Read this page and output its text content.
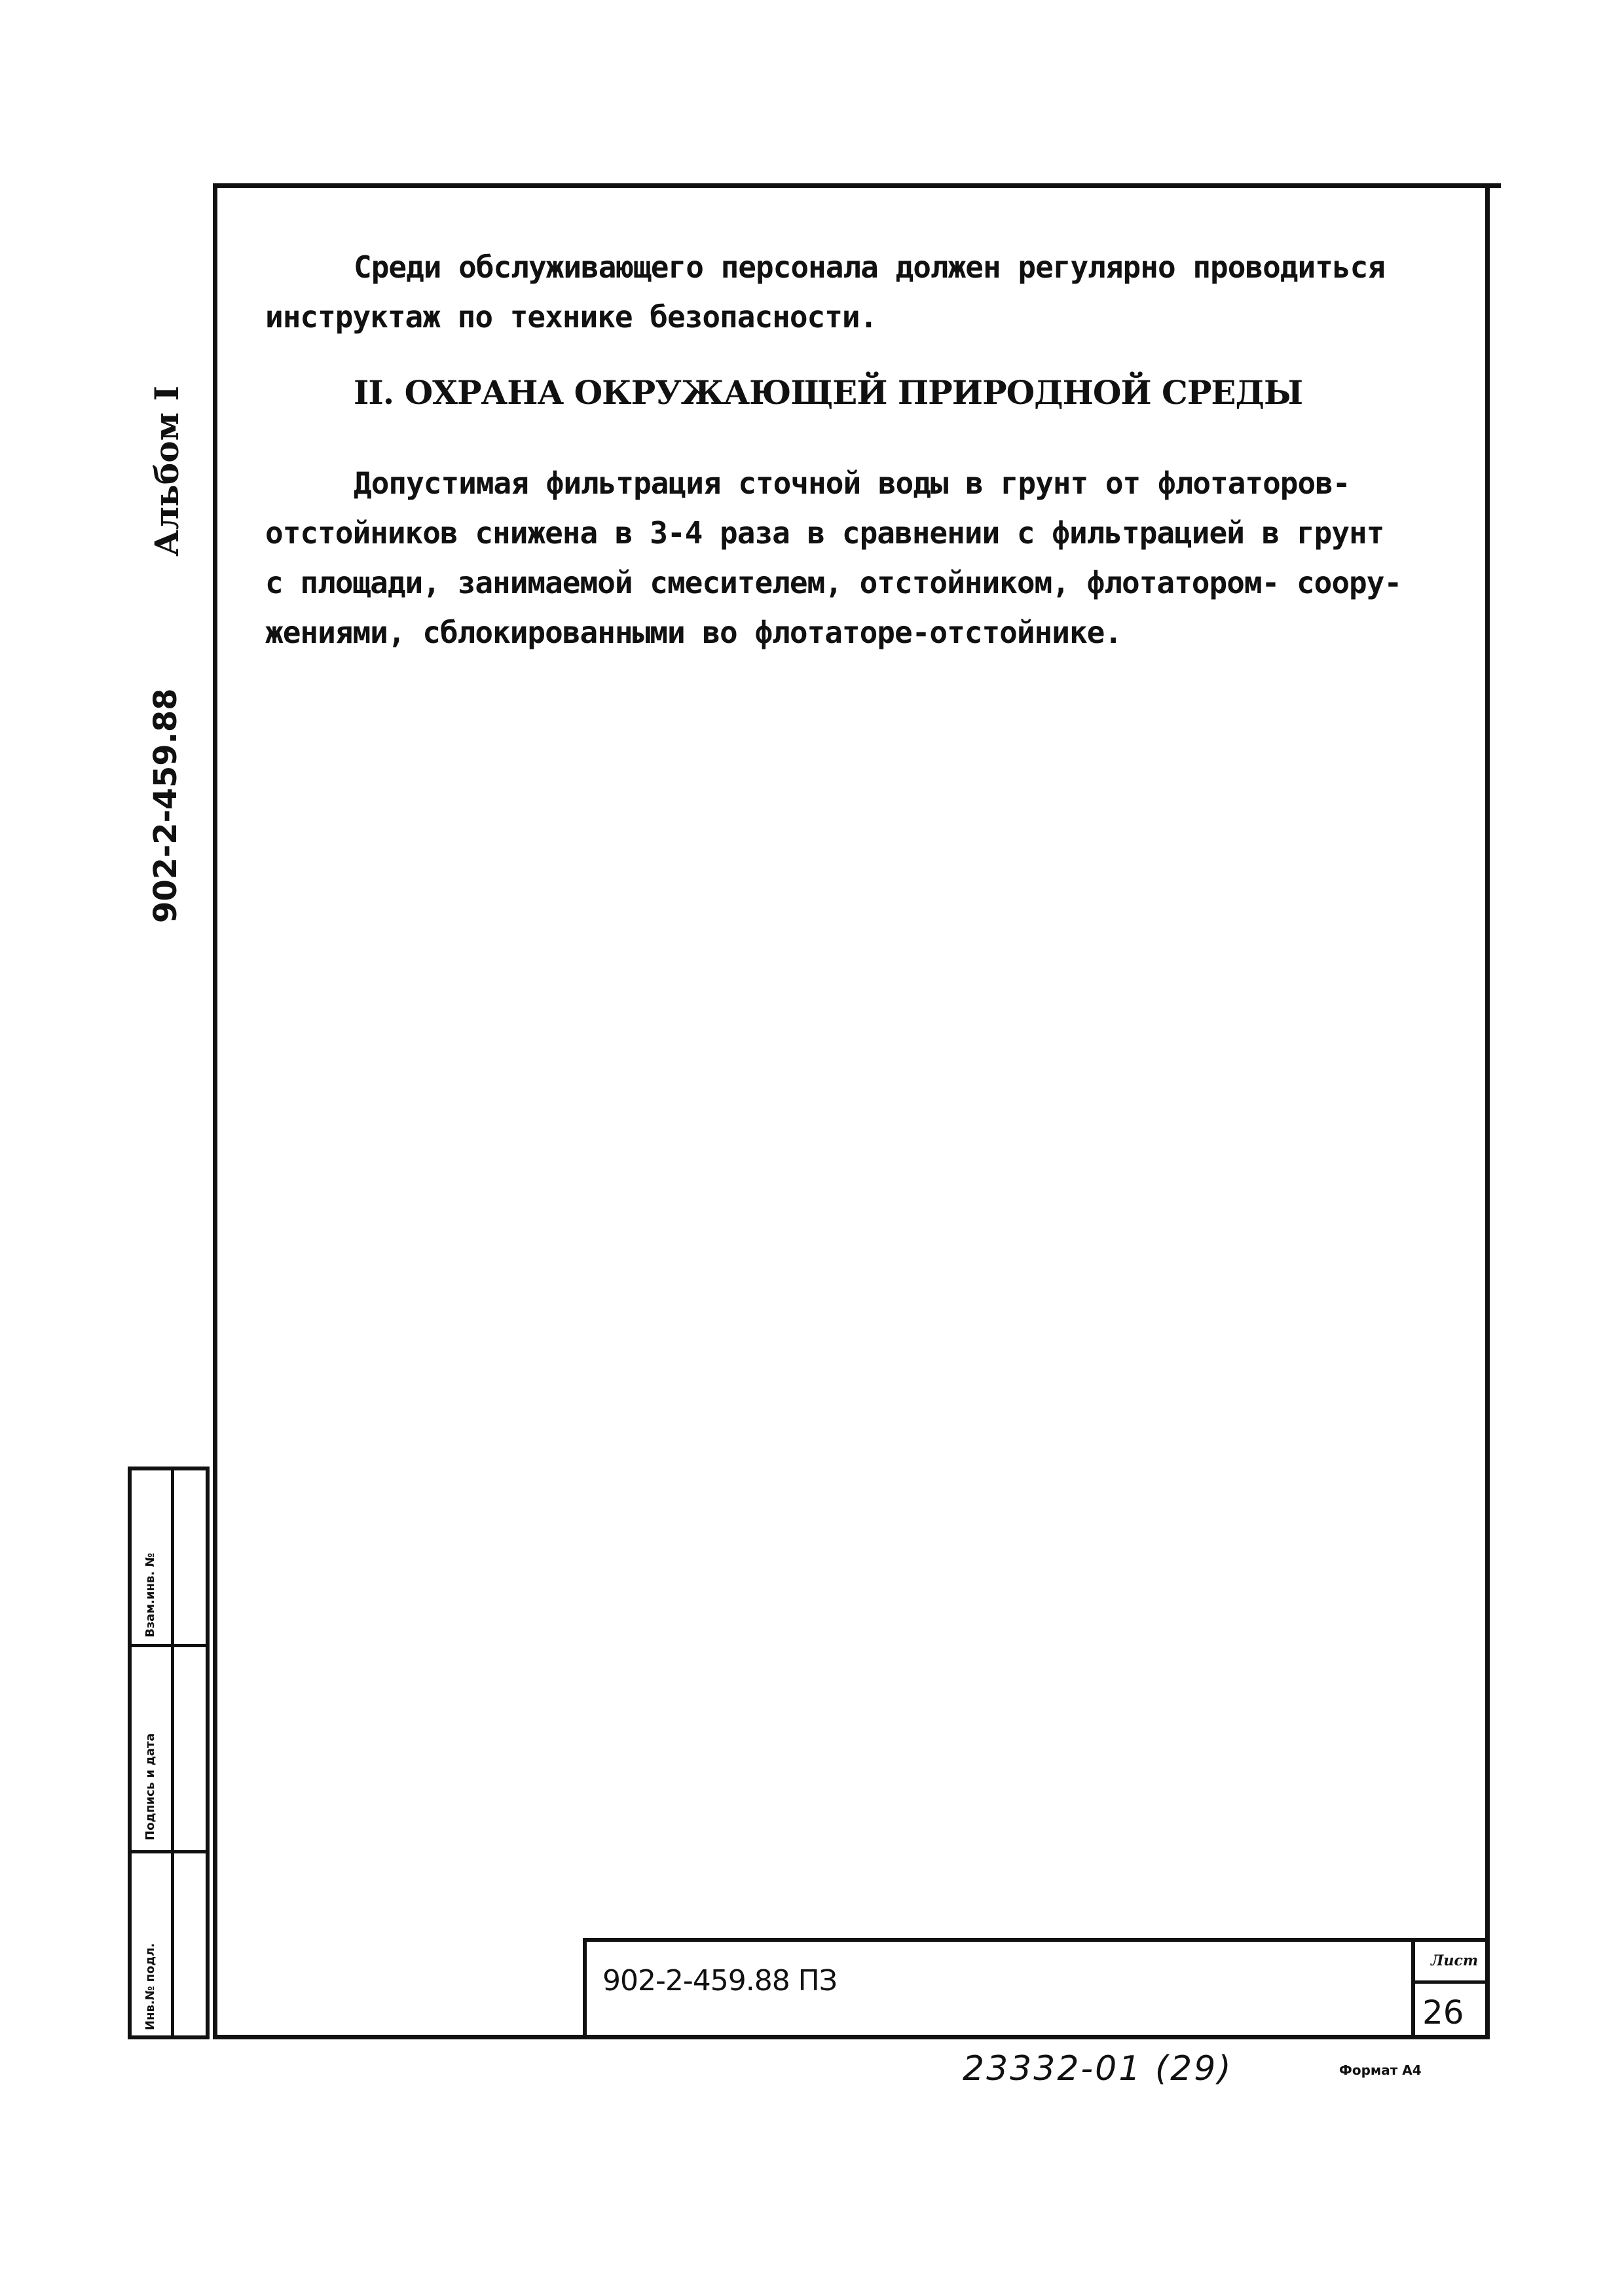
Среди обслуживающего персонала должен регулярно проводиться
инструктаж по технике безопасности.
II. ОХРАНА ОКРУЖАЮЩЕЙ ПРИРОДНОЙ СРЕДЫ
Допустимая фильтрация сточной воды в грунт от флотаторов-
отстойников снижена в 3-4 раза в сравнении с фильтрацией в грунт
с площади, занимаемой смесителем, отстойником, флотатором- соору-
жениями, сблокированными во флотаторе-отстойнике.
Альбом I
902-2-459.88
Взам.инв. №
Подпись и дата
Инв.№ подл.	902-2-459.88 ПЗ
Лист
26
23332-01 (29)	Формат А4
